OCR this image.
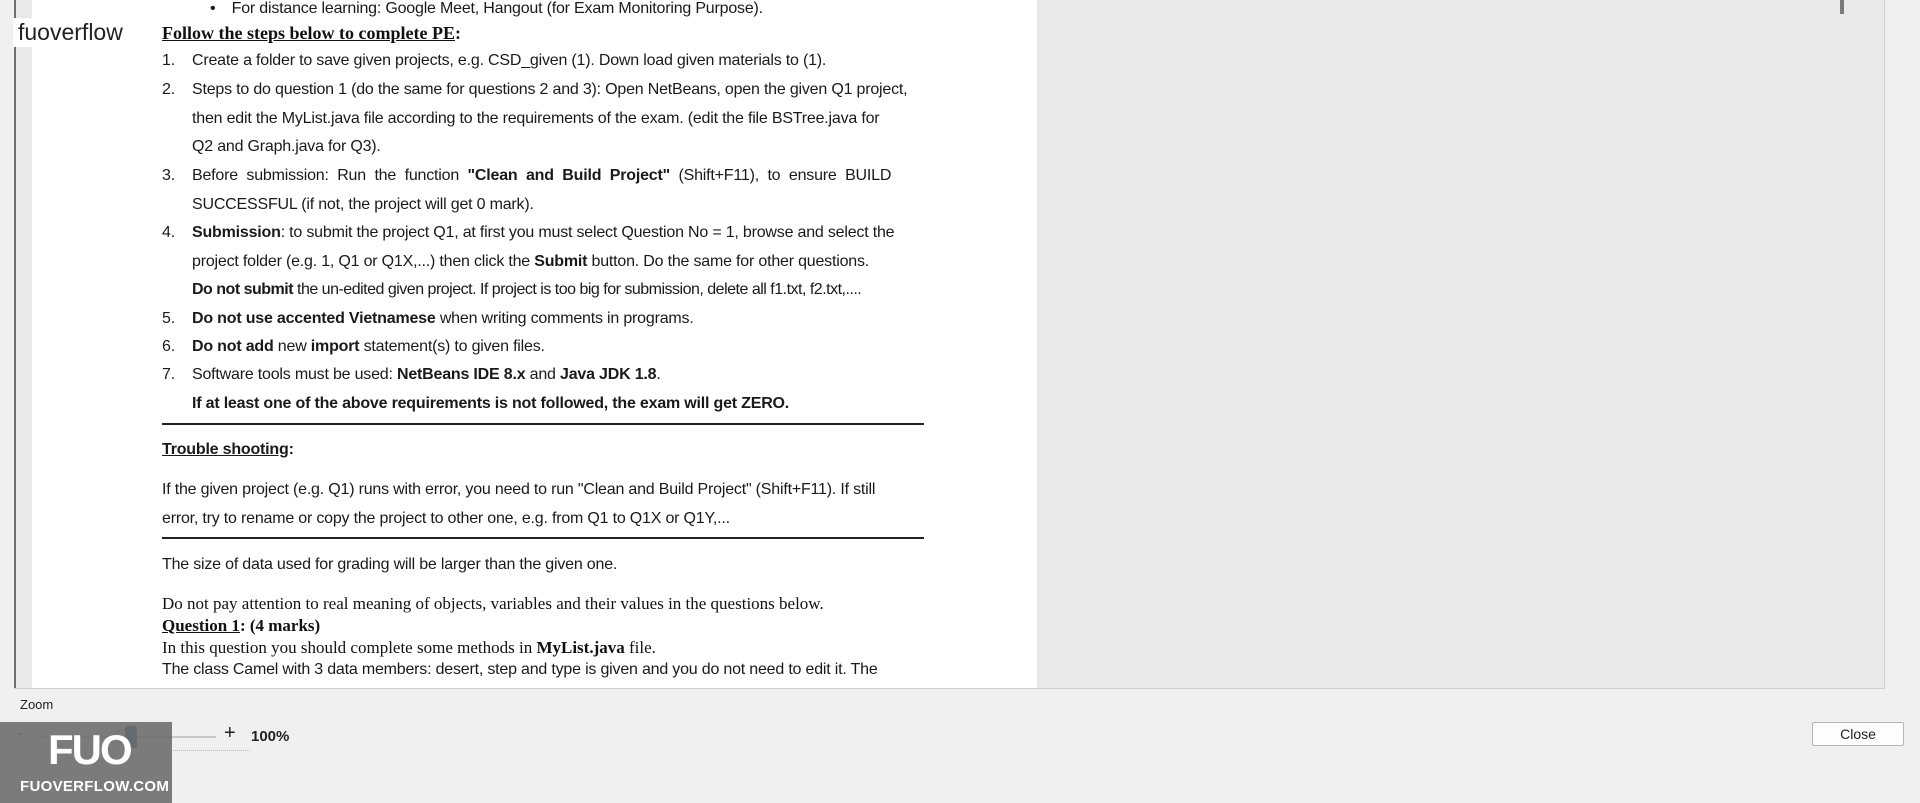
• For distance learning: Google Meet, Hangout (for Exam Monitoring Purpose).
Follow the steps below to complete PE:
1. Create a folder to save given projects, e.g. CSD_given (1). Down load given materials to (1).
2. Steps to do question 1 (do the same for questions 2 and 3): Open NetBeans, open the given Q1 project,
then edit the MyList.java file according to the requirements of the exam. (edit the file BSTree.java for
Q2 and Graph.java for Q3).
3. Before  submission:  Run  the  function  "Clean  and  Build  Project"  (Shift+F11),  to  ensure  BUILD
SUCCESSFUL (if not, the project will get 0 mark).
4. Submission: to submit the project Q1, at first you must select Question No = 1, browse and select the
project folder (e.g. 1, Q1 or Q1X,...) then click the Submit button. Do the same for other questions.
Do not submit the un-edited given project. If project is too big for submission, delete all f1.txt, f2.txt,....
5. Do not use accented Vietnamese when writing comments in programs.
6. Do not add new import statement(s) to given files.
7. Software tools must be used: NetBeans IDE 8.x and Java JDK 1.8.
If at least one of the above requirements is not followed, the exam will get ZERO.
Trouble shooting:
If the given project (e.g. Q1) runs with error, you need to run "Clean and Build Project" (Shift+F11). If still
error, try to rename or copy the project to other one, e.g. from Q1 to Q1X or Q1Y,...
The size of data used for grading will be larger than the given one.
Do not pay attention to real meaning of objects, variables and their values in the questions below.
Question 1: (4 marks)
In this question you should complete some methods in MyList.java file.
The class Camel with 3 data members: desert, step and type is given and you do not need to edit it. The
fuoverflow
Zoom
+ 100%	Close
FUO
FUOVERFLOW.COM
